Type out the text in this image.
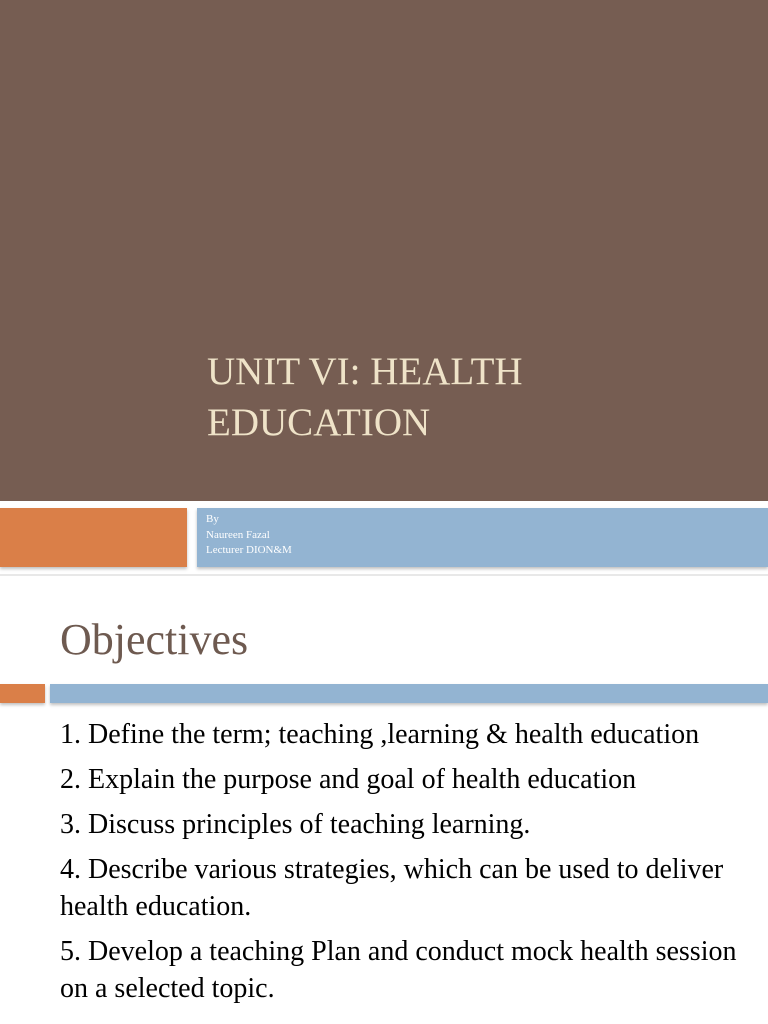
UNIT VI: HEALTH
EDUCATION
By
Naureen Fazal
Lecturer DION&M
Objectives
1. Define the term; teaching ,learning & health education
2. Explain the purpose and goal of health education
3. Discuss principles of teaching learning.
4. Describe various strategies, which can be used to deliver health education.
5. Develop a teaching Plan and conduct mock health session on a selected topic.
